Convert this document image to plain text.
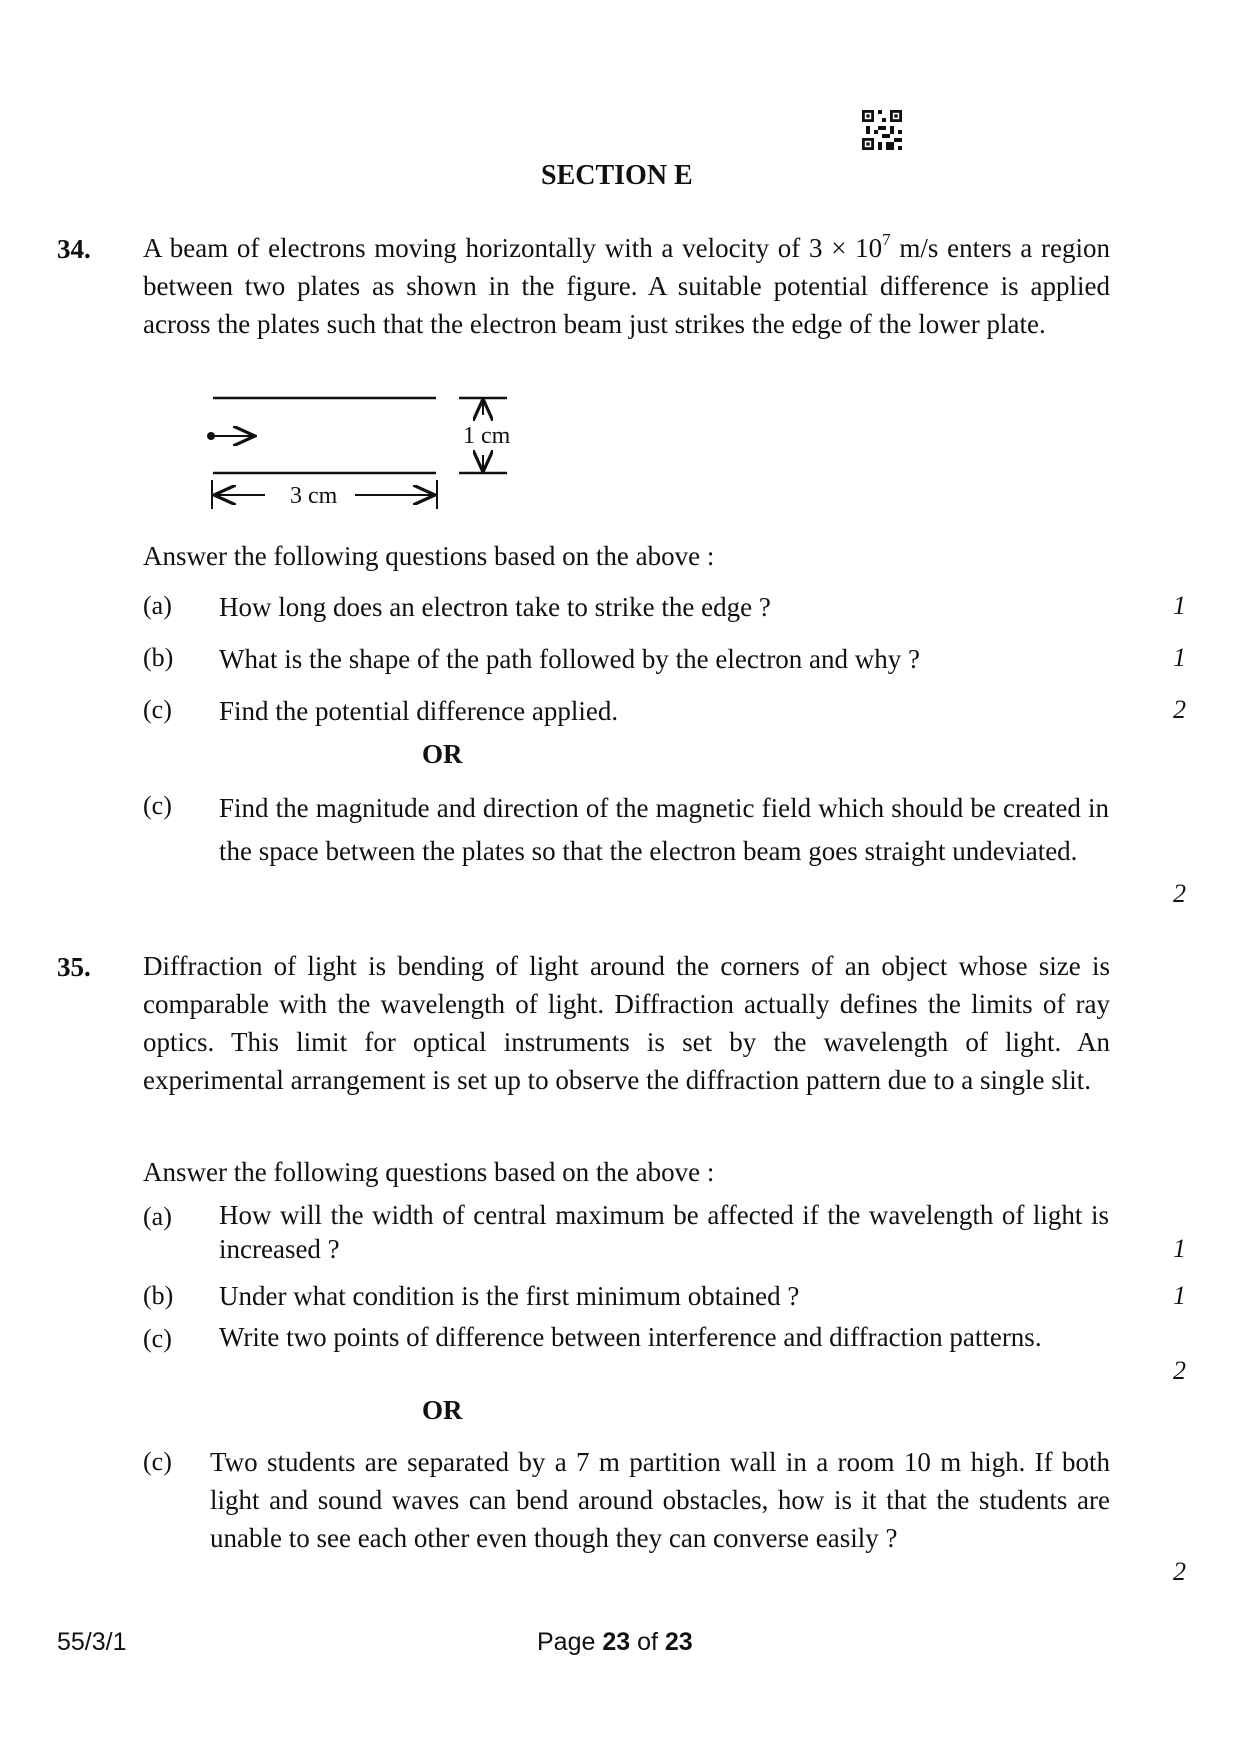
SECTION E
34. A beam of electrons moving horizontally with a velocity of $3 \times 10^7$ m/s enters a region between two plates as shown in the figure. A suitable potential difference is applied across the plates such that the electron beam just strikes the edge of the lower plate.
1 cm
3 cm
Answer the following questions based on the above :
(a) How long does an electron take to strike the edge ?	1
(b) What is the shape of the path followed by the electron and why ?	1
(c) Find the potential difference applied.	2
OR
(c) Find the magnitude and direction of the magnetic field which should be created in the space between the plates so that the electron beam goes straight undeviated.
2
35. Diffraction of light is bending of light around the corners of an object whose size is comparable with the wavelength of light. Diffraction actually defines the limits of ray optics. This limit for optical instruments is set by the wavelength of light. An experimental arrangement is set up to observe the diffraction pattern due to a single slit.
Answer the following questions based on the above :
(a) How will the width of central maximum be affected if the wavelength of light is increased ?	1
(b) Under what condition is the first minimum obtained ?	1
(c) Write two points of difference between interference and diffraction patterns.
2
OR
(c) Two students are separated by a 7 m partition wall in a room 10 m high. If both light and sound waves can bend around obstacles, how is it that the students are unable to see each other even though they can converse easily ?
2
55/3/1	Page 23 of 23
